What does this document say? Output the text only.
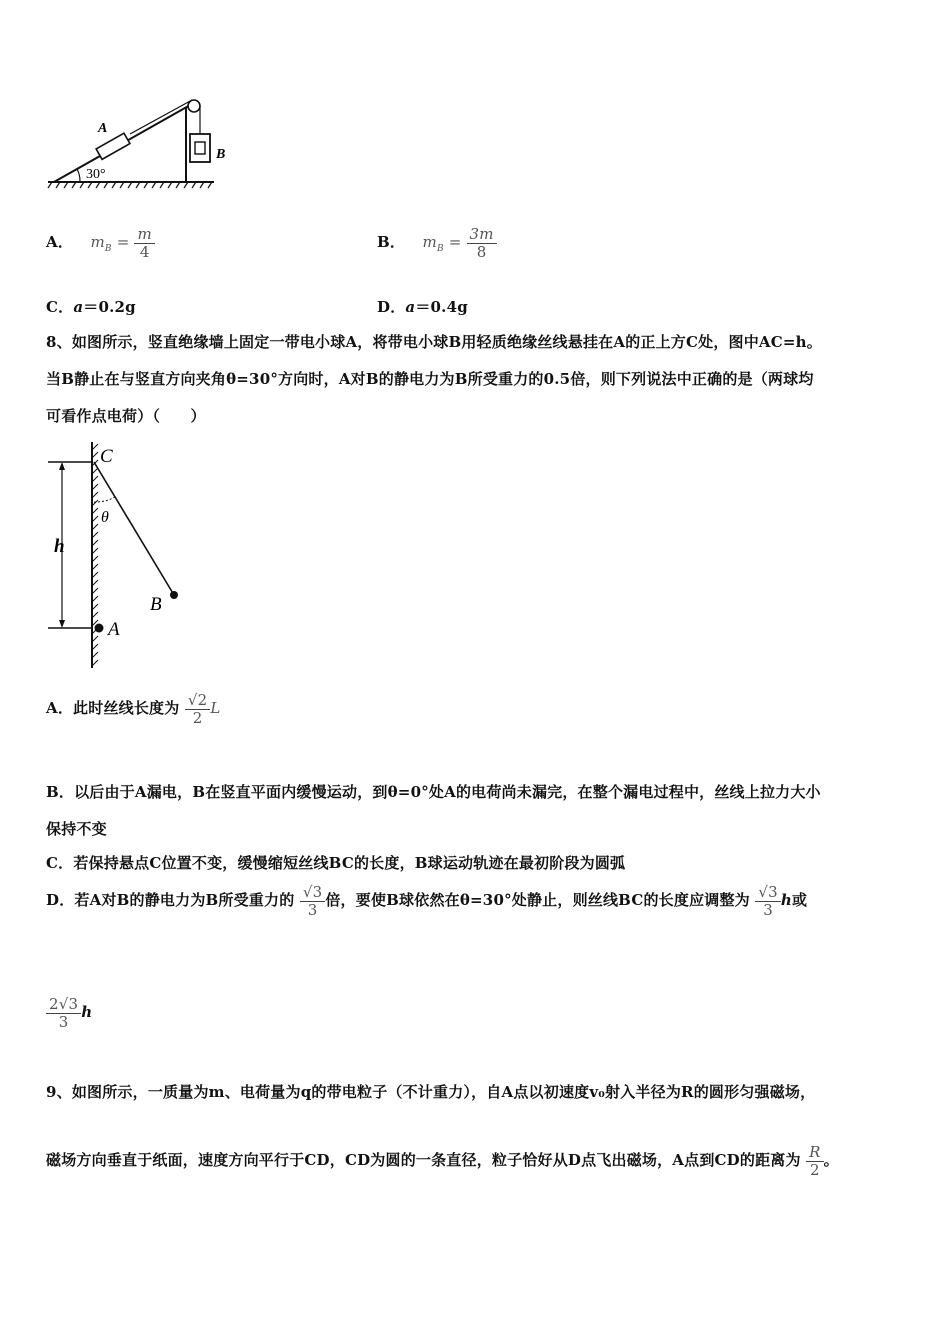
A
B
30°
A． $m_B = \frac{m}{4}$	B． $m_B = \frac{3m}{8}$
C．a＝0.2g	D．a＝0.4g
8、如图所示，竖直绝缘墙上固定一带电小球A，将带电小球B用轻质绝缘丝线悬挂在A的正上方C处，图中AC=h。
当B静止在与竖直方向夹角θ=30°方向时，A对B的静电力为B所受重力的0.5倍，则下列说法中正确的是（两球均
可看作点电荷）（　　）
C
θ
h
B
A
A．此时丝线长度为 $\frac{√2}{2}$ L
B．以后由于A漏电，B在竖直平面内缓慢运动，到θ=0°处A的电荷尚未漏完，在整个漏电过程中，丝线上拉力大小
保持不变
C．若保持悬点C位置不变，缓慢缩短丝线BC的长度，B球运动轨迹在最初阶段为圆弧
D．若A对B的静电力为B所受重力的 $\frac{√3}{3}$ 倍，要使B球依然在θ=30°处静止，则丝线BC的长度应调整为 $\frac{√3}{3}$ h或
$\frac{2√3}{3}$ h
9、如图所示，一质量为m、电荷量为q的带电粒子（不计重力），自A点以初速度v₀射入半径为R的圆形匀强磁场，
磁场方向垂直于纸面，速度方向平行于CD，CD为圆的一条直径，粒子恰好从D点飞出磁场，A点到CD的距离为 $\frac{R}{2}$ 。
